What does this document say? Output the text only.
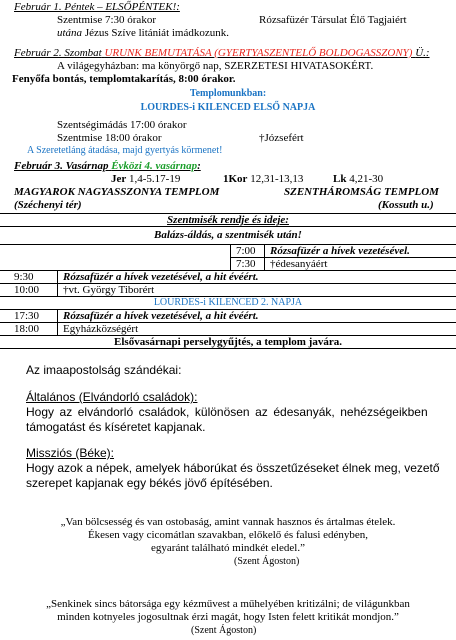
Február 1. Péntek – ELSŐPÉNTEK!:
Szentmise 7:30 órakor	Rózsafüzér Társulat Élő Tagjaiért
utána Jézus Szíve litániát imádkozunk.
Február 2. Szombat URUNK BEMUTATÁSA (GYERTYASZENTELŐ BOLDOGASSZONY) Ü.:
A világegyházban: ma könyörgő nap, SZERZETESI HIVATASOKÉRT.
Fenyőfa bontás, templomtakarítás, 8:00 órakor.
Templomunkban:
LOURDES-i KILENCED ELSŐ NAPJA
Szentségimádás 17:00 órakor
Szentmise 18:00 órakor	†Józsefért
A Szeretetláng átadása, majd gyertyás körmenet!
Február 3. Vasárnap Évközi 4. vasárnap:
Jer 1,4-5.17-19	1Kor 12,31-13,13	Lk 4,21-30
MAGYAROK NAGYASSZONYA TEMPLOM	SZENTHÁROMSÁG TEMPLOM
(Széchenyi tér)	(Kossuth u.)
Szentmisék rendje és ideje:
Balázs-áldás, a szentmisék után!
7:00 Rózsafüzér a hívek vezetésével.
7:30 †édesanyáért
9:30	Rózsafüzér a hívek vezetésével, a hit évéért.
10:00 †vt. György Tiborért
LOURDES-i KILENCED 2. NAPJA
17:30 Rózsafüzér a hívek vezetésével, a hit évéért.
18:00 Egyházközségért
Elsővasárnapi perselygyűjtés, a templom javára.
Az imaapostolság szándékai:
Általános (Elvándorló családok):
Hogy az elvándorló családok, különösen az édesanyák, nehézségeikben
támogatást és kíséretet kapjanak.
Missziós (Béke):
Hogy azok a népek, amelyek háborúkat és összetűzéseket élnek meg, vezető
szerepet kapjanak egy békés jövő építésében.
„Van bölcsesség és van ostobaság, amint vannak hasznos és ártalmas ételek.
Ékesen vagy cicomátlan szavakban, előkelő és falusi edényben,
egyaránt található mindkét eledel.”
(Szent Ágoston)
„Senkinek sincs bátorsága egy kézművest a műhelyében kritizálni; de világunkban
minden kotnyeles jogosultnak érzi magát, hogy Isten felett kritikát mondjon.”
(Szent Ágoston)
